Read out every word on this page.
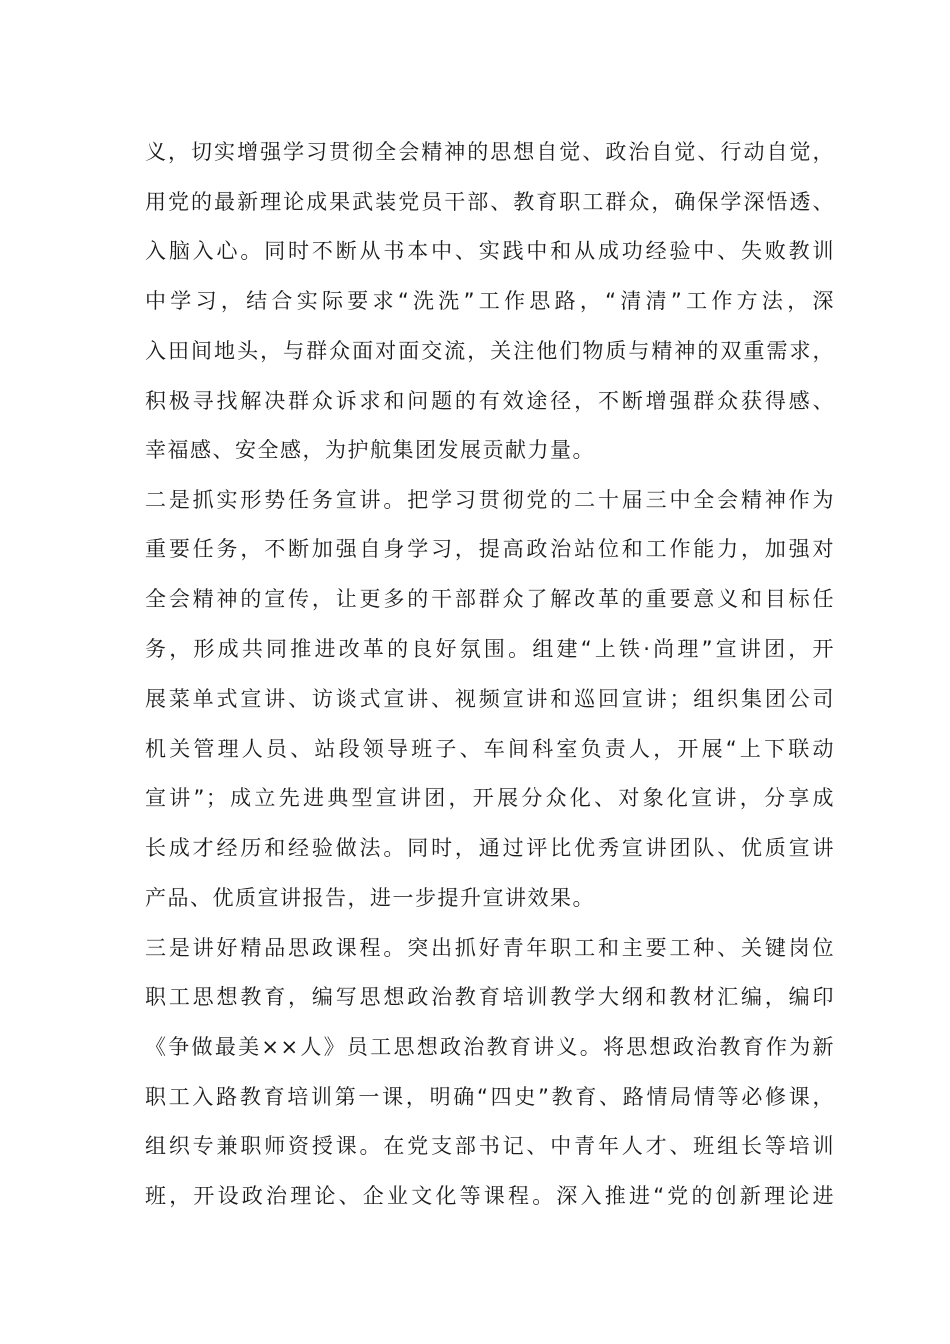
义，切实增强学习贯彻全会精神的思想自觉、政治自觉、行动自觉，
用党的最新理论成果武装党员干部、教育职工群众，确保学深悟透、
入脑入心。同时不断从书本中、实践中和从成功经验中、失败教训
中学习，结合实际要求“洗洗”工作思路，“清清”工作方法，深
入田间地头，与群众面对面交流，关注他们物质与精神的双重需求，
积极寻找解决群众诉求和问题的有效途径，不断增强群众获得感、
幸福感、安全感，为护航集团发展贡献力量。
二是抓实形势任务宣讲。把学习贯彻党的二十届三中全会精神作为
重要任务，不断加强自身学习，提高政治站位和工作能力，加强对
全会精神的宣传，让更多的干部群众了解改革的重要意义和目标任
务，形成共同推进改革的良好氛围。组建“上铁·尚理”宣讲团，开
展菜单式宣讲、访谈式宣讲、视频宣讲和巡回宣讲；组织集团公司
机关管理人员、站段领导班子、车间科室负责人，开展“上下联动
宣讲”；成立先进典型宣讲团，开展分众化、对象化宣讲，分享成
长成才经历和经验做法。同时，通过评比优秀宣讲团队、优质宣讲
产品、优质宣讲报告，进一步提升宣讲效果。
三是讲好精品思政课程。突出抓好青年职工和主要工种、关键岗位
职工思想教育，编写思想政治教育培训教学大纲和教材汇编，编印
《争做最美××人》员工思想政治教育讲义。将思想政治教育作为新
职工入路教育培训第一课，明确“四史”教育、路情局情等必修课，
组织专兼职师资授课。在党支部书记、中青年人才、班组长等培训
班，开设政治理论、企业文化等课程。深入推进“党的创新理论进
